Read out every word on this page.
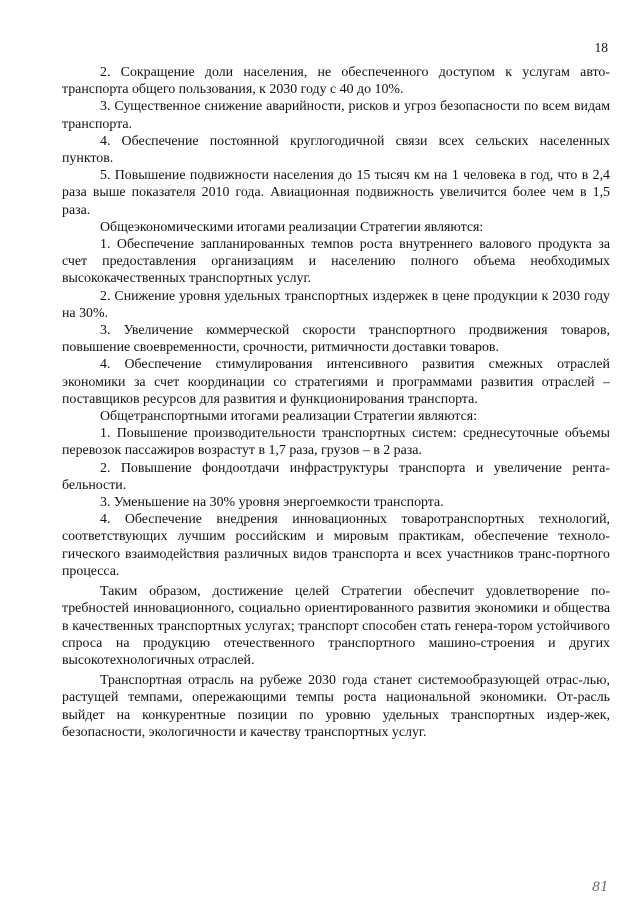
18

2. Сокращение доли населения, не обеспеченного доступом к услугам авто-транспорта общего пользования, к 2030 году с 40 до 10%.

3. Существенное снижение аварийности, рисков и угроз безопасности по всем видам транспорта.

4. Обеспечение постоянной круглогодичной связи всех сельских населенных пунктов.

5. Повышение подвижности населения до 15 тысяч км на 1 человека в год, что в 2,4 раза выше показателя 2010 года. Авиационная подвижность увеличится более чем в 1,5 раза.

Общеэкономическими итогами реализации Стратегии являются:

1. Обеспечение запланированных темпов роста внутреннего валового продукта за счет предоставления организациям и населению полного объема необходимых высококачественных транспортных услуг.

2. Снижение уровня удельных транспортных издержек в цене продукции к 2030 году на 30%.

3. Увеличение коммерческой скорости транспортного продвижения товаров, повышение своевременности, срочности, ритмичности доставки товаров.

4. Обеспечение стимулирования интенсивного развития смежных отраслей экономики за счет координации со стратегиями и программами развития отраслей – поставщиков ресурсов для развития и функционирования транспорта.

Общетранспортными итогами реализации Стратегии являются:

1. Повышение производительности транспортных систем: среднесуточные объемы перевозок пассажиров возрастут в 1,7 раза, грузов – в 2 раза.

2. Повышение фондоотдачи инфраструктуры транспорта и увеличение рента-бельности.

3. Уменьшение на 30% уровня энергоемкости транспорта.

4. Обеспечение внедрения инновационных товаротранспортных технологий, соответствующих лучшим российским и мировым практикам, обеспечение техноло-гического взаимодействия различных видов транспорта и всех участников транс-портного процесса.

Таким образом, достижение целей Стратегии обеспечит удовлетворение по-требностей инновационного, социально ориентированного развития экономики и общества в качественных транспортных услугах; транспорт способен стать генера-тором устойчивого спроса на продукцию отечественного транспортного машино-строения и других высокотехнологичных отраслей.

Транспортная отрасль на рубеже 2030 года станет системообразующей отрас-лью, растущей темпами, опережающими темпы роста национальной экономики. От-расль выйдет на конкурентные позиции по уровню удельных транспортных издер-жек, безопасности, экологичности и качеству транспортных услуг.

81
